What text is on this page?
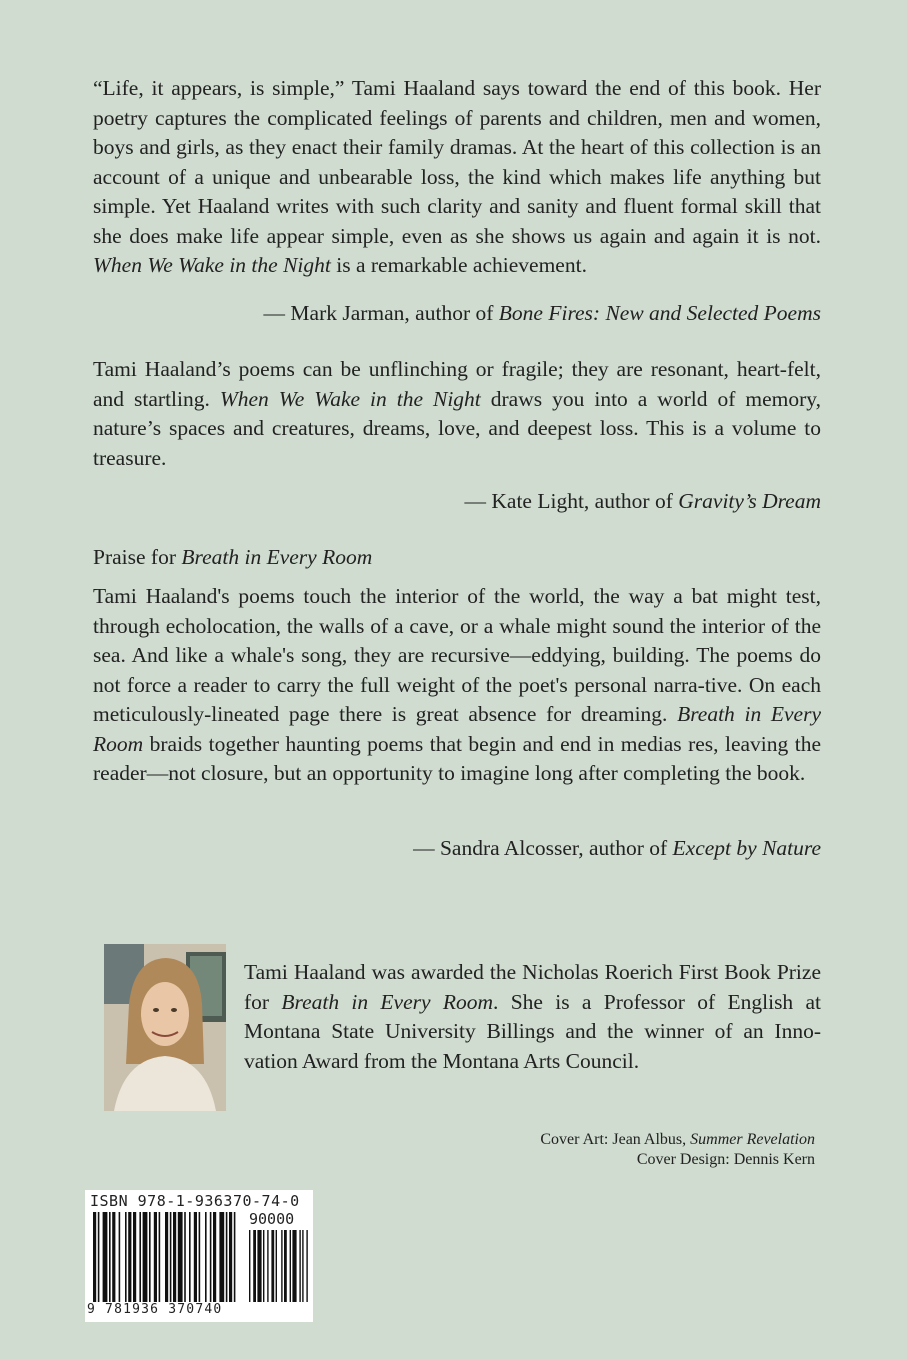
“Life, it appears, is simple,” Tami Haaland says toward the end of this book. Her poetry captures the complicated feelings of parents and children, men and women, boys and girls, as they enact their family dramas. At the heart of this collection is an account of a unique and unbearable loss, the kind which makes life anything but simple. Yet Haaland writes with such clarity and sanity and fluent formal skill that she does make life appear simple, even as she shows us again and again it is not. When We Wake in the Night is a remarkable achievement.

— Mark Jarman, author of Bone Fires: New and Selected Poems

Tami Haaland’s poems can be unflinching or fragile; they are resonant, heart-felt, and startling. When We Wake in the Night draws you into a world of memory, nature’s spaces and creatures, dreams, love, and deepest loss. This is a volume to treasure.

— Kate Light, author of Gravity’s Dream
Praise for Breath in Every Room

Tami Haaland's poems touch the interior of the world, the way a bat might test, through echolocation, the walls of a cave, or a whale might sound the interior of the sea. And like a whale's song, they are recursive—eddying, building. The poems do not force a reader to carry the full weight of the poet's personal narra-tive. On each meticulously-lineated page there is great absence for dreaming. Breath in Every Room braids together haunting poems that begin and end in medias res, leaving the reader—not closure, but an opportunity to imagine long after completing the book.

— Sandra Alcosser, author of Except by Nature

Tami Haaland was awarded the Nicholas Roerich First Book Prize for Breath in Every Room. She is a Professor of English at Montana State University Billings and the winner of an Inno-vation Award from the Montana Arts Council.

Cover Art: Jean Albus, Summer Revelation
Cover Design: Dennis Kern
ISBN 978-1-936370-74-0
90000
9 781936 370740
